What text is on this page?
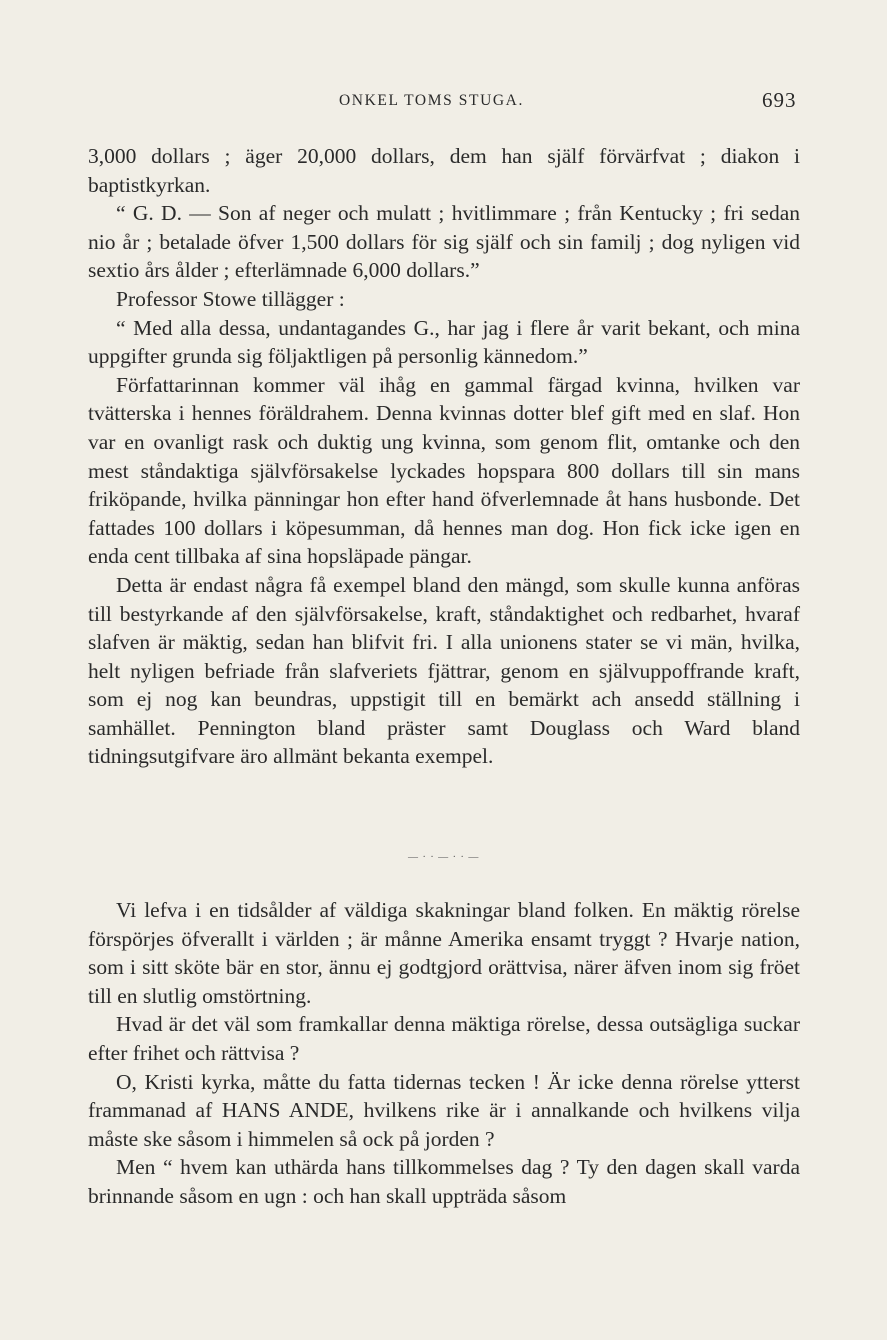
ONKEL TOMS STUGA.	693

3,000 dollars ; äger 20,000 dollars, dem han själf förvärfvat ; diakon i baptistkyrkan.

“ G. D. — Son af neger och mulatt ; hvitlimmare ; från Kentucky ; fri sedan nio år ; betalade öfver 1,500 dollars för sig själf och sin familj ; dog nyligen vid sextio års ålder ; efterlämnade 6,000 dollars.”

Professor Stowe tillägger :

“ Med alla dessa, undantagandes G., har jag i flere år varit bekant, och mina uppgifter grunda sig följaktligen på personlig kännedom.”

Författarinnan kommer väl ihåg en gammal färgad kvinna, hvilken var tvätterska i hennes föräldrahem. Denna kvinnas dotter blef gift med en slaf. Hon var en ovanligt rask och duktig ung kvinna, som genom flit, omtanke och den mest ståndaktiga självförsakelse lyckades hopspara 800 dollars till sin mans friköpande, hvilka pänningar hon efter hand öfverlemnade åt hans husbonde. Det fattades 100 dollars i köpesumman, då hennes man dog. Hon fick icke igen en enda cent tillbaka af sina hopsläpade pängar.

Detta är endast några få exempel bland den mängd, som skulle kunna anföras till bestyrkande af den självförsakelse, kraft, ståndaktighet och redbarhet, hvaraf slafven är mäktig, sedan han blifvit fri. I alla unionens stater se vi män, hvilka, helt nyligen befriade från slafveriets fjättrar, genom en självuppoffrande kraft, som ej nog kan beundras, uppstigit till en bemärkt ach ansedd ställning i samhället. Pennington bland präster samt Douglass och Ward bland tidningsutgifvare äro allmänt bekanta exempel.

— · · — · · —

Vi lefva i en tidsålder af väldiga skakningar bland folken. En mäktig rörelse förspörjes öfverallt i världen ; är månne Amerika ensamt tryggt ? Hvarje nation, som i sitt sköte bär en stor, ännu ej godtgjord orättvisa, närer äfven inom sig fröet till en slutlig omstörtning.

Hvad är det väl som framkallar denna mäktiga rörelse, dessa outsägliga suckar efter frihet och rättvisa ?

O, Kristi kyrka, måtte du fatta tidernas tecken ! Är icke denna rörelse ytterst frammanad af HANS ANDE, hvilkens rike är i annalkande och hvilkens vilja måste ske såsom i himmelen så ock på jorden ?

Men “ hvem kan uthärda hans tillkommelses dag ? Ty den dagen skall varda brinnande såsom en ugn : och han skall uppträda såsom
